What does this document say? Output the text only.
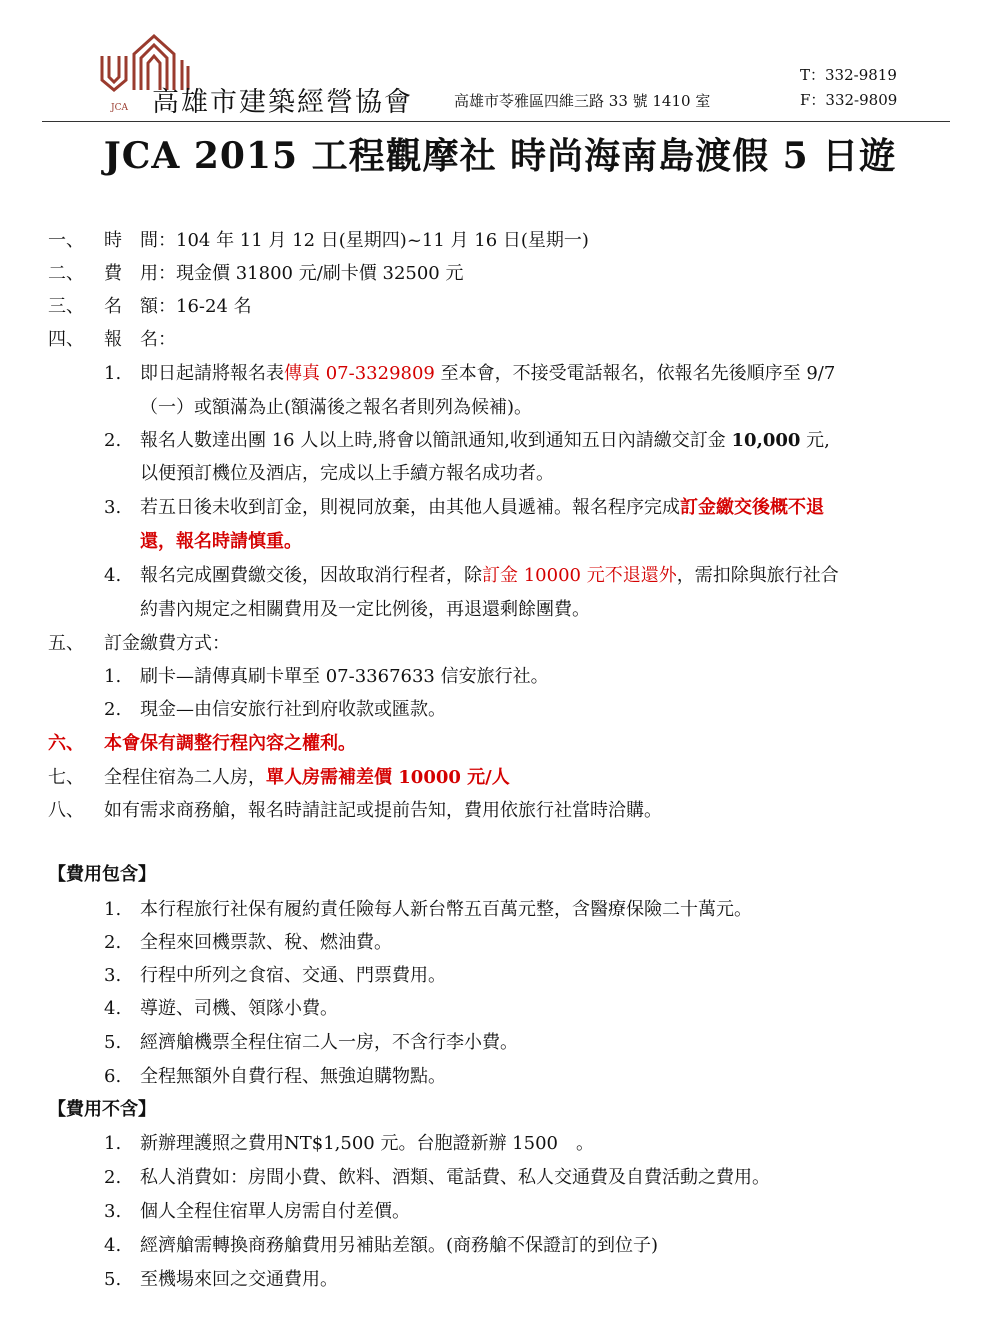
JCA 高雄市建築經營協會	高雄市苓雅區四維三路 33 號 1410 室
T：332-9819
F：332-9809
JCA 2015 工程觀摩社 時尚海南島渡假 5 日遊
一、 時　間：104 年 11 月 12 日(星期四)~11 月 16 日(星期一)
二、 費　用：現金價 31800 元/刷卡價 32500 元
三、 名　額：16-24 名
四、 報　名：
1. 即日起請將報名表傳真 07-3329809 至本會，不接受電話報名，依報名先後順序至 9/7
（一）或額滿為止(額滿後之報名者則列為候補)。
2. 報名人數達出團 16 人以上時,將會以簡訊通知,收到通知五日內請繳交訂金 10,000 元,
以便預訂機位及酒店，完成以上手續方報名成功者。
3. 若五日後未收到訂金，則視同放棄，由其他人員遞補。報名程序完成訂金繳交後概不退
還，報名時請慎重。
4. 報名完成團費繳交後，因故取消行程者，除訂金 10000 元不退還外，需扣除與旅行社合
約書內規定之相關費用及一定比例後，再退還剩餘團費。
五、 訂金繳費方式：
1. 刷卡—請傳真刷卡單至 07-3367633 信安旅行社。
2. 現金—由信安旅行社到府收款或匯款。
六、 本會保有調整行程內容之權利。
七、 全程住宿為二人房，單人房需補差價 10000 元/人
八、 如有需求商務艙，報名時請註記或提前告知，費用依旅行社當時洽購。
【費用包含】
1. 本行程旅行社保有履約責任險每人新台幣五百萬元整，含醫療保險二十萬元。
2. 全程來回機票款、稅、燃油費。
3. 行程中所列之食宿、交通、門票費用。
4. 導遊、司機、領隊小費。
5. 經濟艙機票全程住宿二人一房，不含行李小費。
6. 全程無額外自費行程、無強迫購物點。
【費用不含】
1. 新辦理護照之費用NT$1,500 元。台胞證新辦 1500　。
2. 私人消費如：房間小費、飲料、酒類、電話費、私人交通費及自費活動之費用。
3. 個人全程住宿單人房需自付差價。
4. 經濟艙需轉換商務艙費用另補貼差額。(商務艙不保證訂的到位子)
5. 至機場來回之交通費用。
